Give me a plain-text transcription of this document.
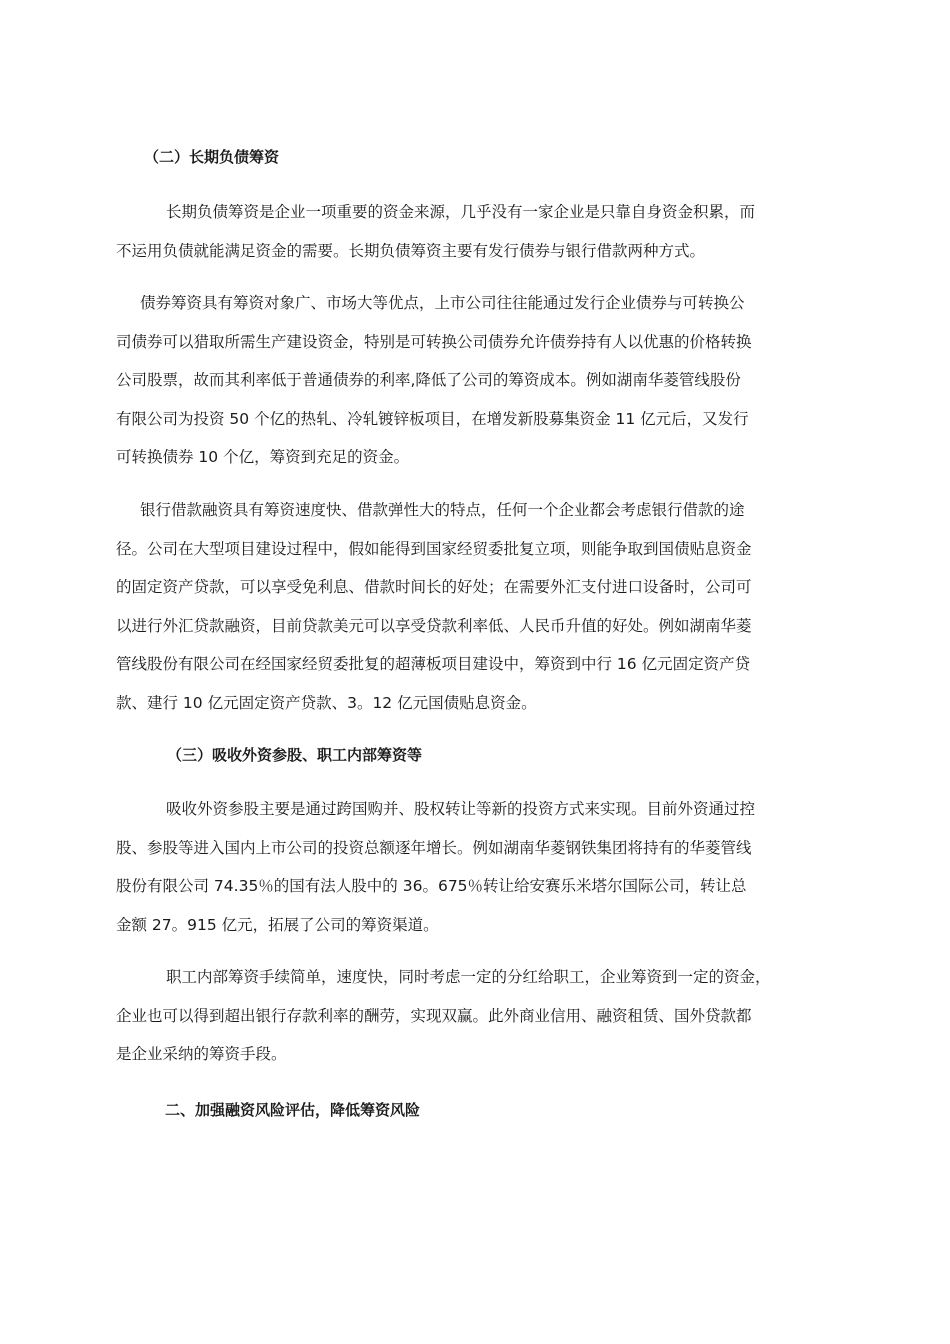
（二）长期负债筹资
长期负债筹资是企业一项重要的资金来源，几乎没有一家企业是只靠自身资金积累，而
不运用负债就能满足资金的需要。长期负债筹资主要有发行债券与银行借款两种方式。
债券筹资具有筹资对象广、市场大等优点，上市公司往往能通过发行企业债券与可转换公
司债券可以猎取所需生产建设资金，特别是可转换公司债券允许债券持有人以优惠的价格转换
公司股票，故而其利率低于普通债券的利率,降低了公司的筹资成本。例如湖南华菱管线股份
有限公司为投资 50 个亿的热轧、冷轧镀锌板项目，在增发新股募集资金 11 亿元后，又发行
可转换债券 10 个亿，筹资到充足的资金。
银行借款融资具有筹资速度快、借款弹性大的特点，任何一个企业都会考虑银行借款的途
径。公司在大型项目建设过程中，假如能得到国家经贸委批复立项，则能争取到国债贴息资金
的固定资产贷款，可以享受免利息、借款时间长的好处；在需要外汇支付进口设备时，公司可
以进行外汇贷款融资，目前贷款美元可以享受贷款利率低、人民币升值的好处。例如湖南华菱
管线股份有限公司在经国家经贸委批复的超薄板项目建设中，筹资到中行 16 亿元固定资产贷
款、建行 10 亿元固定资产贷款、3。12 亿元国债贴息资金。
（三）吸收外资参股、职工内部筹资等
吸收外资参股主要是通过跨国购并、股权转让等新的投资方式来实现。目前外资通过控
股、参股等进入国内上市公司的投资总额逐年增长。例如湖南华菱钢铁集团将持有的华菱管线
股份有限公司 74.35％的国有法人股中的 36。675％转让给安赛乐米塔尔国际公司，转让总
金额 27。915 亿元，拓展了公司的筹资渠道。
职工内部筹资手续简单，速度快，同时考虑一定的分红给职工，企业筹资到一定的资金，
企业也可以得到超出银行存款利率的酬劳，实现双赢。此外商业信用、融资租赁、国外贷款都
是企业采纳的筹资手段。
二、加强融资风险评估，降低筹资风险
